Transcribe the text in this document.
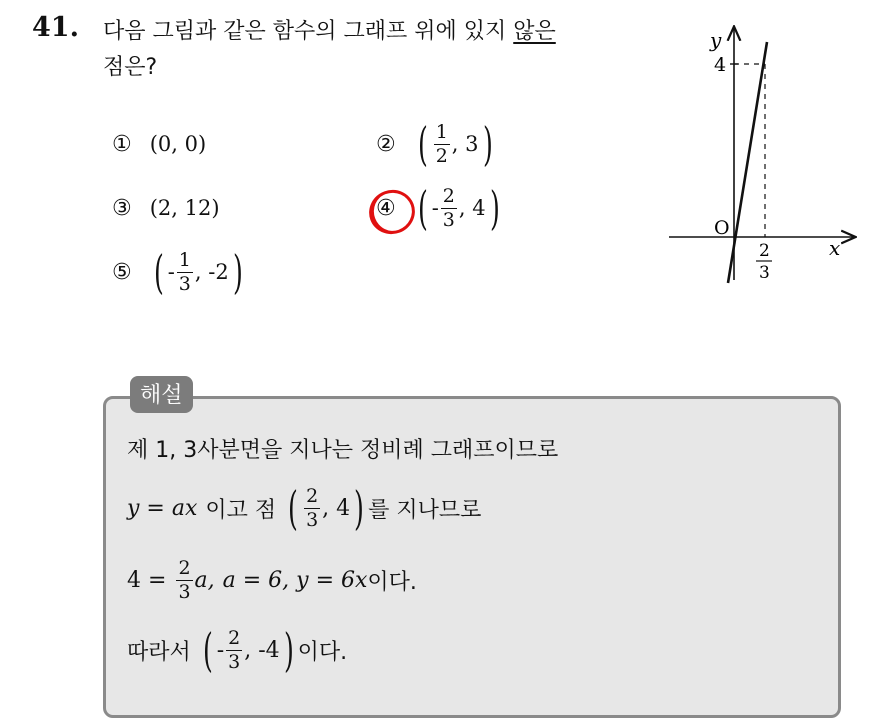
41. 다음 그림과 같은 함수의 그래프 위에 있지 않은
점은?
① (0, 0)	② ( $\frac{1}{2}$ , 3 )
③ (2, 12)	④ ( - $\frac{2}{3}$ , 4 )
⑤ ( - $\frac{1}{3}$ , -2 )
y
x
O
4
2
3
해설
제 1, 3사분면을 지나는 정비례 그래프이므로
y = ax 이고 점 ( $\frac{2}{3}$ , 4 ) 를 지나므로
$4 = \frac{2}{3} a$, a = 6, y = 6x 이다.
따라서 ( - $\frac{2}{3}$ , -4 ) 이다.
